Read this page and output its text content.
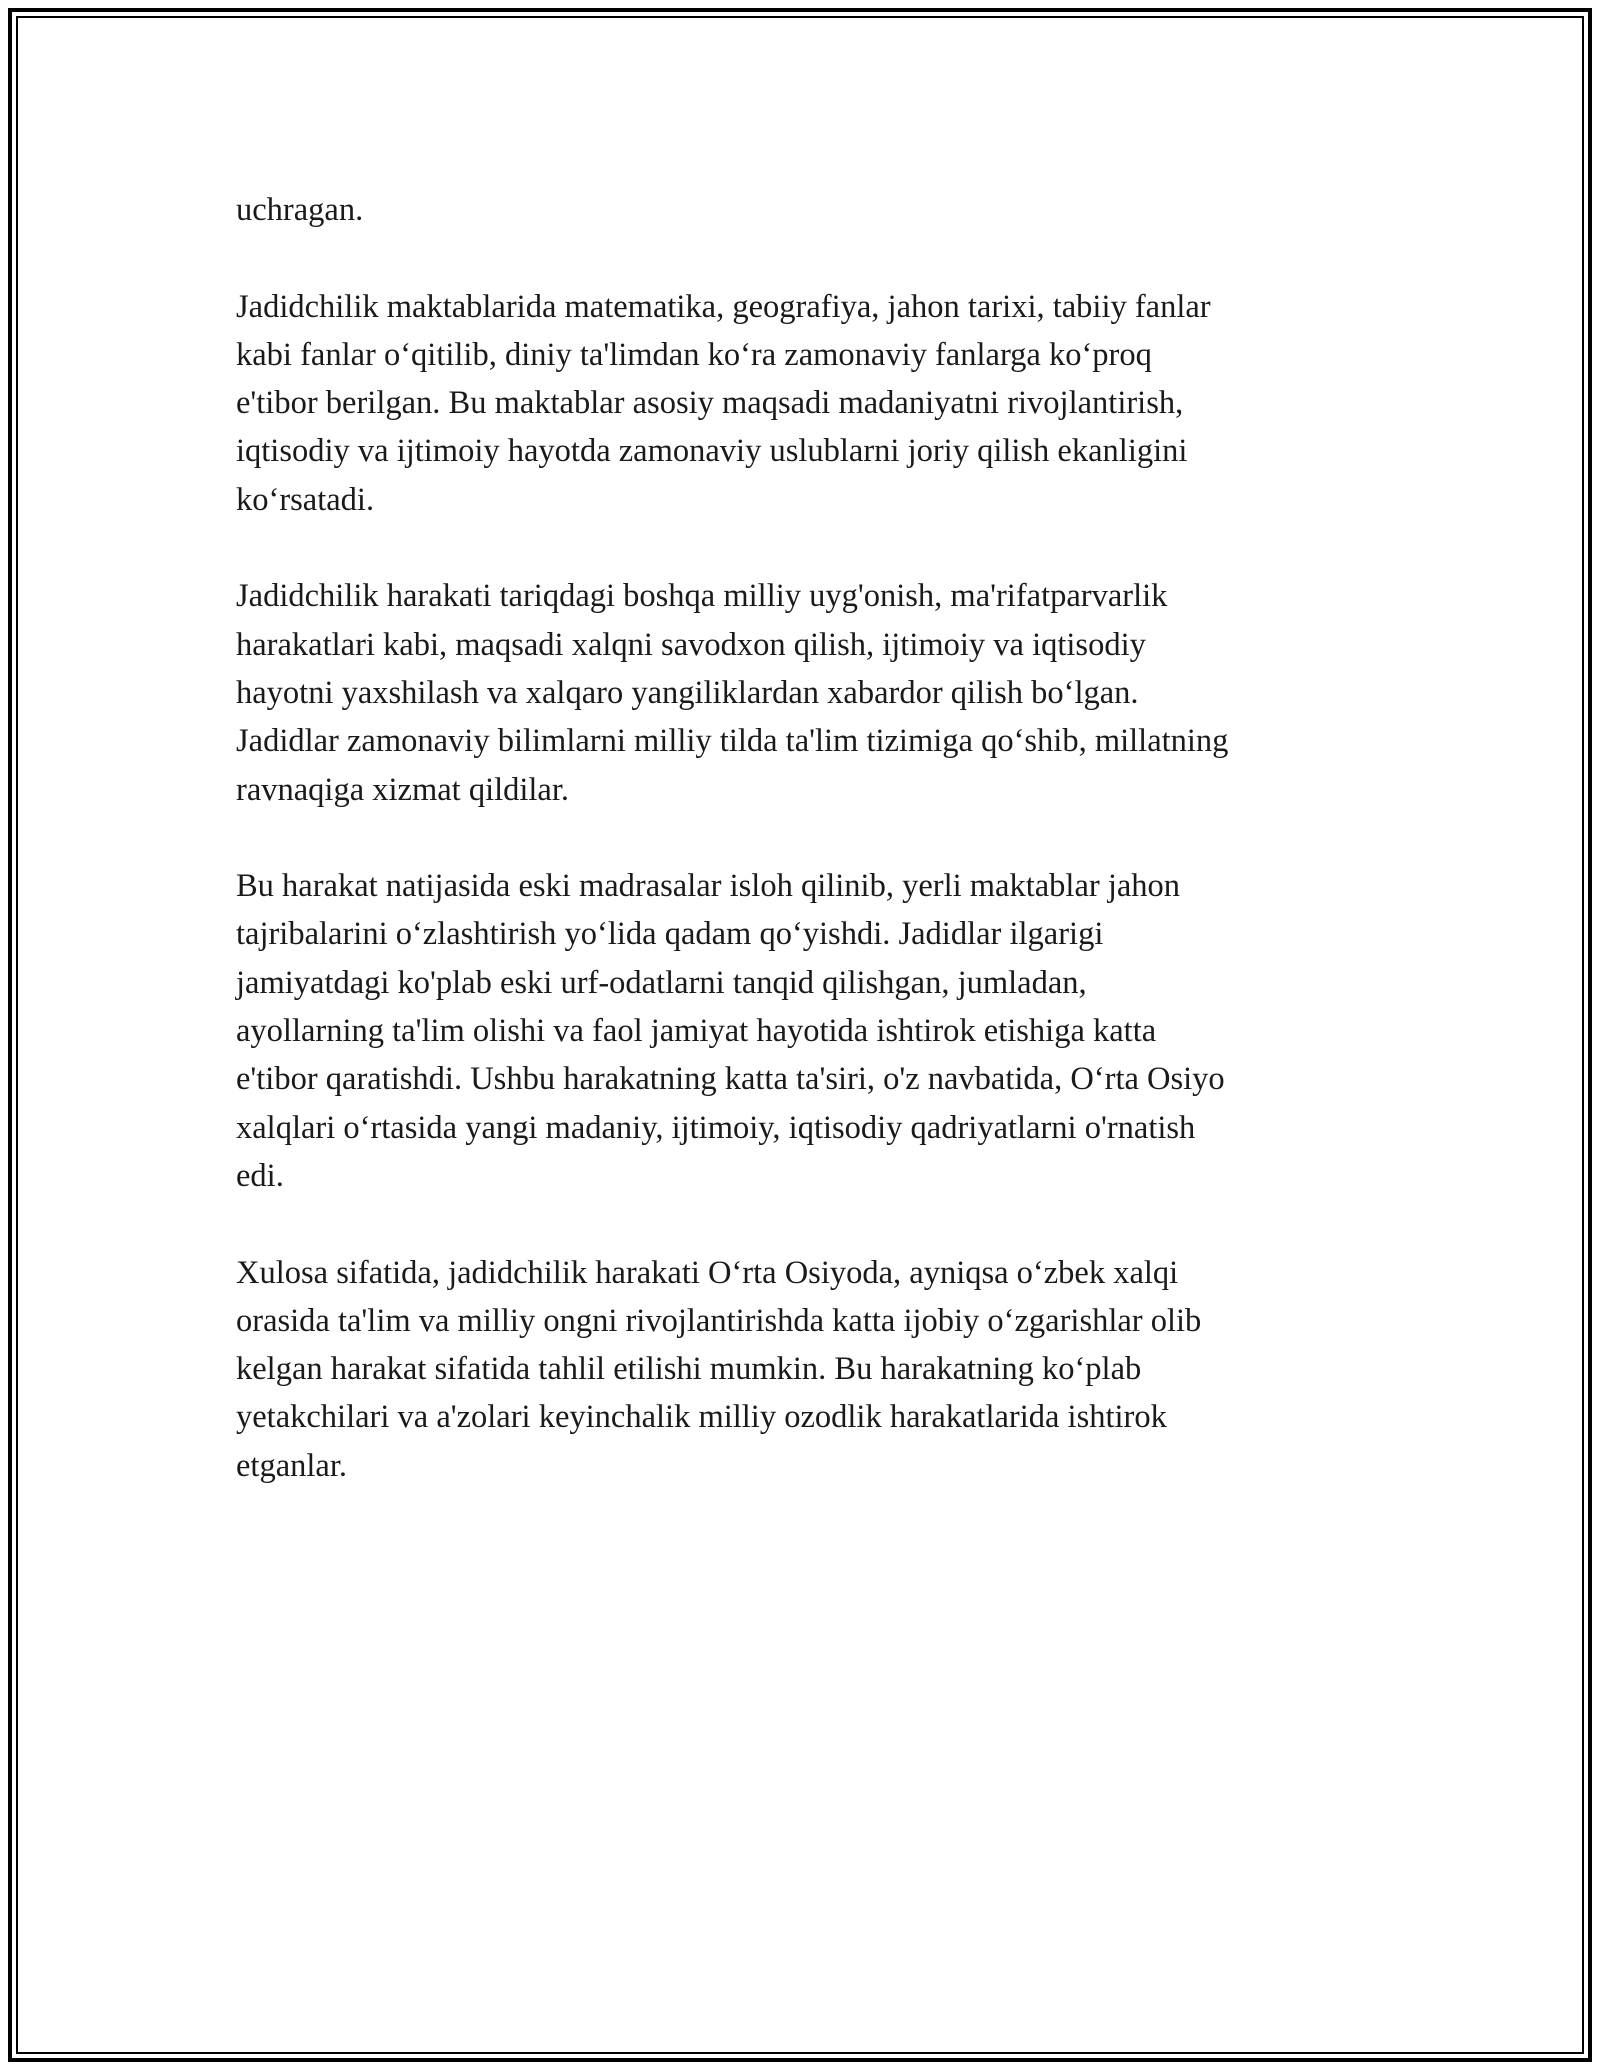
uchragan.

Jadidchilik maktablarida matematika, geografiya, jahon tarixi, tabiiy fanlar
kabi fanlar o‘qitilib, diniy ta'limdan ko‘ra zamonaviy fanlarga ko‘proq
e'tibor berilgan. Bu maktablar asosiy maqsadi madaniyatni rivojlantirish,
iqtisodiy va ijtimoiy hayotda zamonaviy uslublarni joriy qilish ekanligini
ko‘rsatadi.

Jadidchilik harakati tariqdagi boshqa milliy uyg'onish, ma'rifatparvarlik
harakatlari kabi, maqsadi xalqni savodxon qilish, ijtimoiy va iqtisodiy
hayotni yaxshilash va xalqaro yangiliklardan xabardor qilish bo‘lgan.
Jadidlar zamonaviy bilimlarni milliy tilda ta'lim tizimiga qo‘shib, millatning
ravnaqiga xizmat qildilar.

Bu harakat natijasida eski madrasalar isloh qilinib, yerli maktablar jahon
tajribalarini o‘zlashtirish yo‘lida qadam qo‘yishdi. Jadidlar ilgarigi
jamiyatdagi ko'plab eski urf-odatlarni tanqid qilishgan, jumladan,
ayollarning ta'lim olishi va faol jamiyat hayotida ishtirok etishiga katta
e'tibor qaratishdi. Ushbu harakatning katta ta'siri, o'z navbatida, O‘rta Osiyo
xalqlari o‘rtasida yangi madaniy, ijtimoiy, iqtisodiy qadriyatlarni o'rnatish
edi.

Xulosa sifatida, jadidchilik harakati O‘rta Osiyoda, ayniqsa o‘zbek xalqi
orasida ta'lim va milliy ongni rivojlantirishda katta ijobiy o‘zgarishlar olib
kelgan harakat sifatida tahlil etilishi mumkin. Bu harakatning ko‘plab
yetakchilari va a'zolari keyinchalik milliy ozodlik harakatlarida ishtirok
etganlar.
